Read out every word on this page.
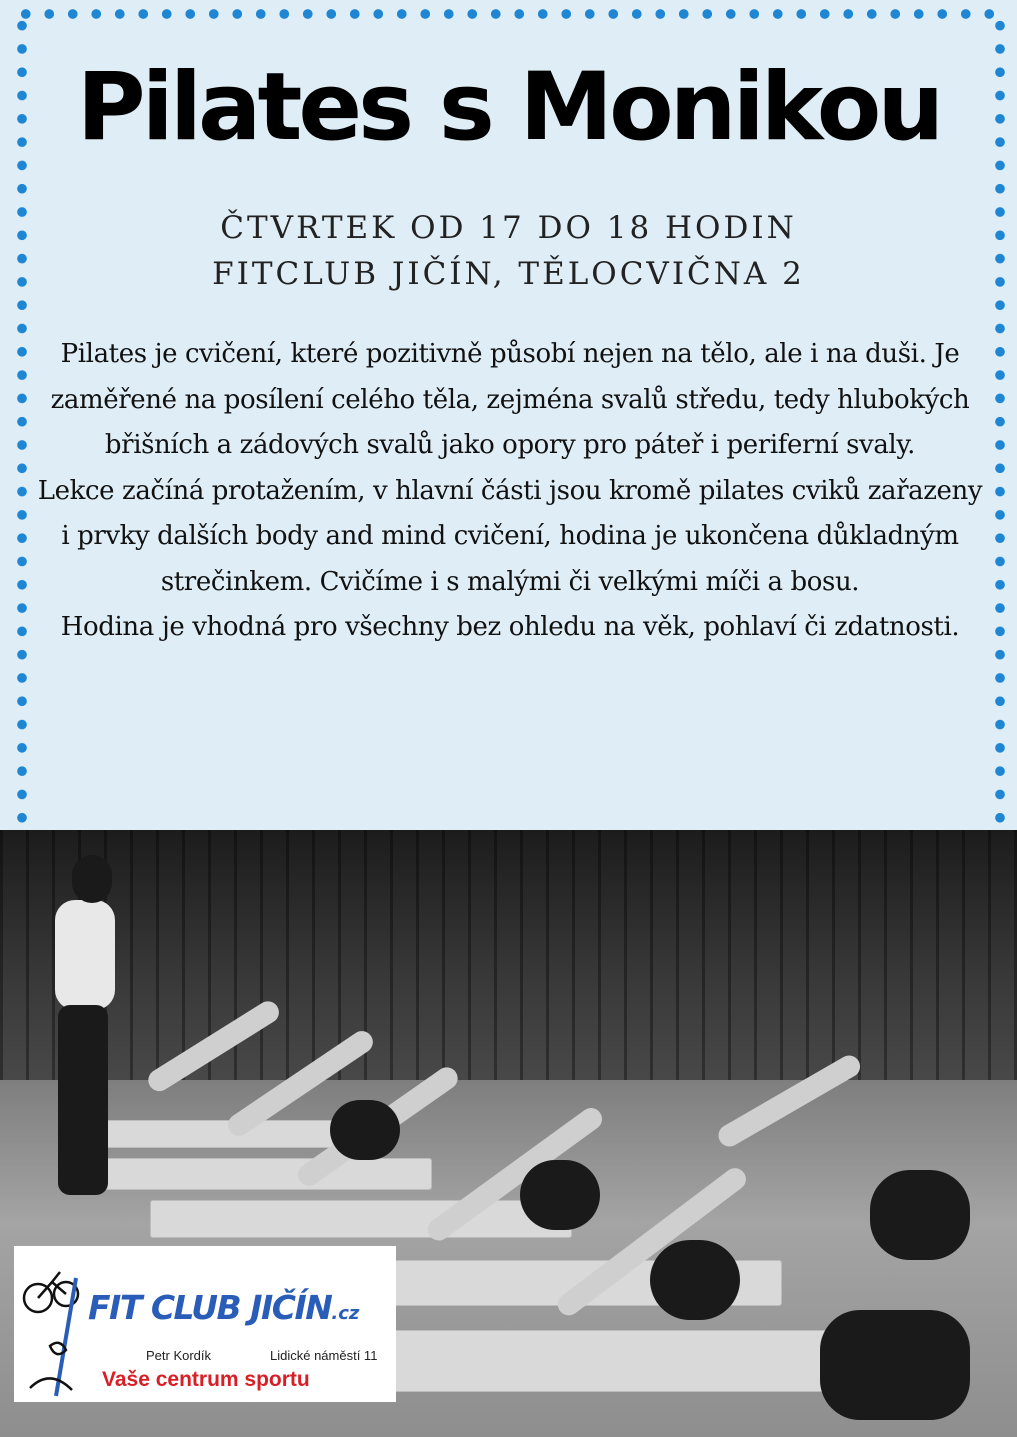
Pilates s Monikou
ČTVRTEK OD 17 DO 18 HODIN
FITCLUB JIČÍN, TĚLOCVIČNA 2

Pilates je cvičení, které pozitivně působí nejen na tělo, ale i na duši. Je zaměřené na posílení celého těla, zejména svalů středu, tedy hlubokých břišních a zádových svalů jako opory pro páteř i periferní svaly.

Lekce začíná protažením, v hlavní části jsou kromě pilates cviků zařazeny i prvky dalších body and mind cvičení, hodina je ukončena důkladným strečinkem. Cvičíme i s malými či velkými míči a bosu.

Hodina je vhodná pro všechny bez ohledu na věk, pohlaví či zdatnosti.

FIT CLUB JIČÍN.cz
Petr Kordík	Lidické náměstí 11
Vaše centrum sportu
